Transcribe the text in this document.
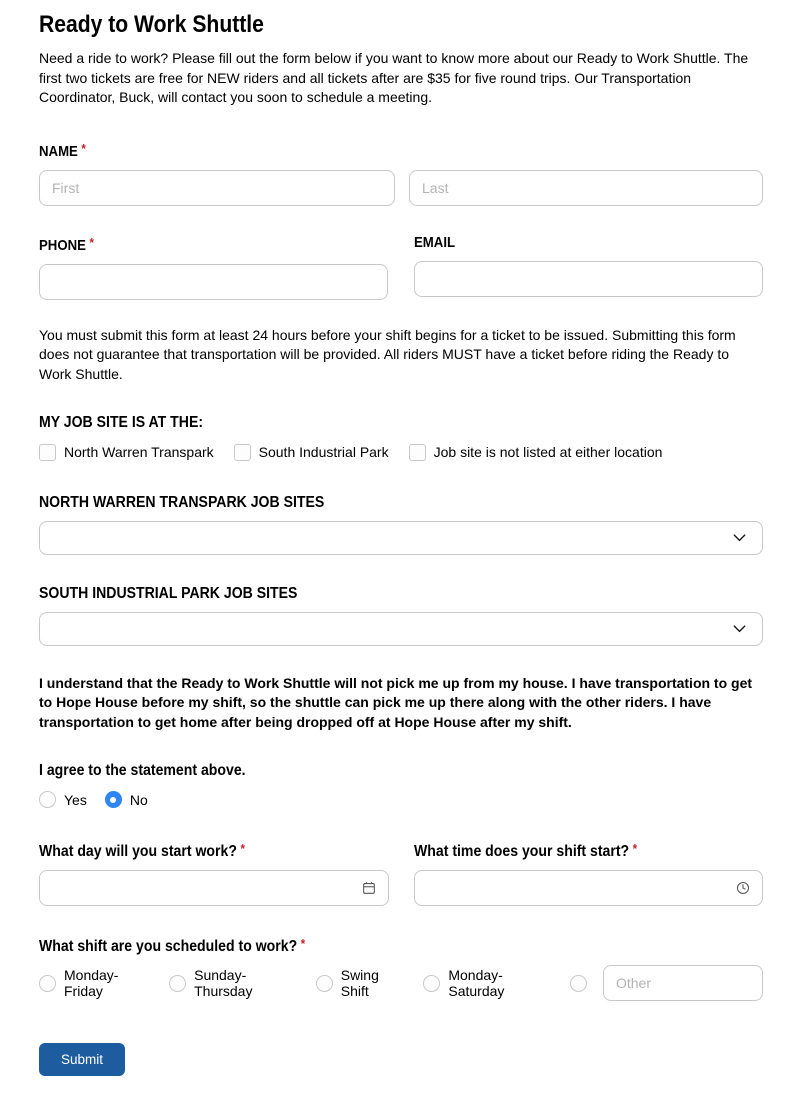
Ready to Work Shuttle

Need a ride to work? Please fill out the form below if you want to know more about our Ready to Work Shuttle. The first two tickets are free for NEW riders and all tickets after are $35 for five round trips. Our Transportation Coordinator, Buck, will contact you soon to schedule a meeting.

NAME *
First
Last
PHONE *	EMAIL

You must submit this form at least 24 hours before your shift begins for a ticket to be issued. Submitting this form does not guarantee that transportation will be provided. All riders MUST have a ticket before riding the Ready to Work Shuttle.

MY JOB SITE IS AT THE:
North Warren Transpark	South Industrial Park	Job site is not listed at either location
NORTH WARREN TRANSPARK JOB SITES
SOUTH INDUSTRIAL PARK JOB SITES

I understand that the Ready to Work Shuttle will not pick me up from my house. I have transportation to get to Hope House before my shift, so the shuttle can pick me up there along with the other riders. I have transportation to get home after being dropped off at Hope House after my shift.

I agree to the statement above.
Yes	No
What day will you start work? *	What time does your shift start? *
What shift are you scheduled to work? *
Monday-Friday
Sunday-Thursday
Swing Shift
Monday-Saturday
Other
Submit
